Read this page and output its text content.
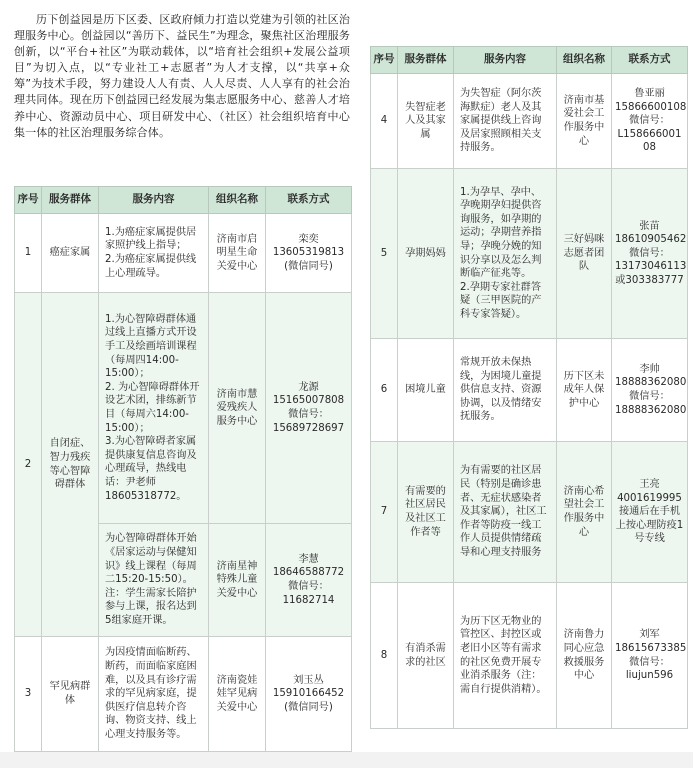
历下创益园是历下区委、区政府倾力打造以党建为引领的社区治理服务中心。创益园以“善历下、益民生”为理念，聚焦社区治理服务创新，以“平台+社区”为联动载体，以“培育社会组织+发展公益项目”为切入点，以“专业社工+志愿者”为人才支撑，以“共享+众筹”为技术手段，努力建设人人有责、人人尽责、人人享有的社会治理共同体。现在历下创益园已经发展为集志愿服务中心、慈善人才培养中心、资源动员中心、项目研发中心、（社区）社会组织培育中心集一体的社区治理服务综合体。

序号	服务群体	服务内容	组织名称	联系方式
1	癌症家属	1.为癌症家属提供居家照护线上指导；
2.为癌症家属提供线上心理疏导。	济南市启明星生命关爱中心	栾奕
13605319813
(微信同号)
2	自闭症、智力残疾等心智障碍群体	1.为心智障碍群体通过线上直播方式开设手工及绘画培训课程（每周四14:00-15:00）；
2. 为心智障碍群体开设艺术团，排练新节目（每周六14:00-15:00）；
3.为心智障碍者家属提供康复信息咨询及心理疏导，热线电话：尹老师18605318772。	济南市慧爱残疾人服务中心	龙源
15165007808
微信号：
15689728697
		为心智障碍群体开始《居家运动与保健知识》线上课程（每周二15:20-15:50）。
注：学生需家长陪护参与上课，报名达到5组家庭开课。	济南星神特殊儿童关爱中心	李慧
18646588772
微信号：
11682714
3	罕见病群体	为因疫情面临断药、断药，而面临家庭困难，以及具有诊疗需求的罕见病家庭，提供医疗信息转介咨询、物资支持、线上心理支持服务等。	济南瓷娃娃罕见病关爱中心	刘玉丛
15910166452
(微信同号)
序号	服务群体	服务内容	组织名称	联系方式
4	失智症老人及其家属	为失智症（阿尔茨海默症）老人及其家属提供线上咨询及居家照顾相关支持服务。	济南市基爱社会工作服务中心	鲁亚丽
15866600108
微信号：
L158666001
08
5	孕期妈妈	1.为孕早、孕中、孕晚期孕妇提供咨询服务，如孕期的运动；孕期营养指导；孕晚分娩的知识分享以及怎么判断临产征兆等。
2.孕期专家社群答疑（三甲医院的产科专家答疑）。	三好妈咪志愿者团队	张苗
18610905462
微信号：
13173046113
或303383777
6	困境儿童	常规开放未保热线，为困境儿童提供信息支持、资源协调，以及情绪安抚服务。	历下区未成年人保护中心	李帅
18888362080
微信号：
18888362080
7	有需要的社区居民及社区工作者等	为有需要的社区居民（特别是确诊患者、无症状感染者及其家属），社区工作者等防疫一线工作人员提供情绪疏导和心理支持服务	济南心希望社会工作服务中心	王亮
4001619995
接通后在手机上按心理防疫1号专线
8	有消杀需求的社区	为历下区无物业的管控区、封控区或老旧小区等有需求的社区免费开展专业消杀服务（注：需自行提供消精）。	济南鲁力同心应急救援服务中心	刘军
18615673385
微信号：
liujun596
